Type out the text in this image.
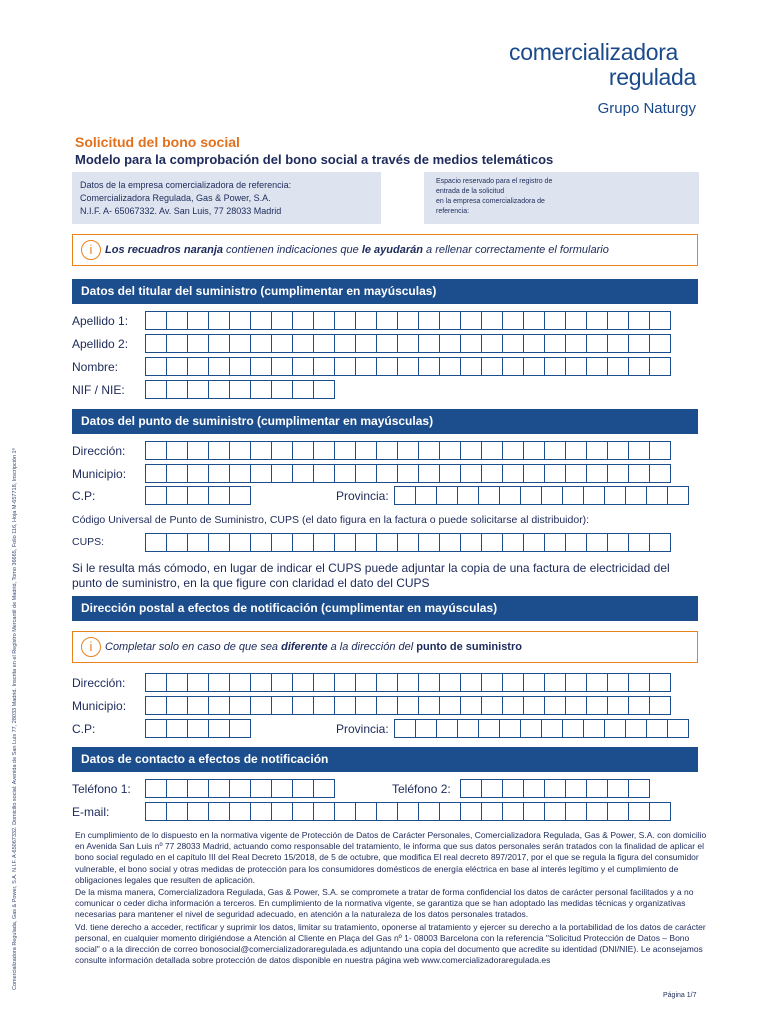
comercializadora
regulada
Grupo Naturgy
Solicitud del bono social
Modelo para la comprobación del bono social a través de medios telemáticos
Datos de la empresa comercializadora de referencia:
Comercializadora Regulada, Gas & Power, S.A.
N.I.F. A- 65067332. Av. San Luis, 77 28033 Madrid
Espacio reservado para el registro de
entrada de la solicitud
en la empresa comercializadora de
referencia:
i	Los recuadros naranja contienen indicaciones que le ayudarán a rellenar correctamente el formulario
Datos del titular del suministro (cumplimentar en mayúsculas)
Apellido 1:
Apellido 2:
Nombre:
NIF / NIE:
Datos del punto de suministro (cumplimentar en mayúsculas)
Dirección:
Municipio:
C.P:	Provincia:
Código Universal de Punto de Suministro, CUPS (el dato figura en la factura o puede solicitarse al distribuidor):
CUPS:
Si le resulta más cómodo, en lugar de indicar el CUPS puede adjuntar la copia de una factura de electricidad del punto de suministro, en la que figure con claridad el dato del CUPS
Dirección postal a efectos de notificación (cumplimentar en mayúsculas)
i	Completar solo en caso de que sea diferente a la dirección del punto de suministro
Dirección:
Municipio:
C.P:	Provincia:
Datos de contacto a efectos de notificación
Teléfono 1:	Teléfono 2:
E-mail:

En cumplimiento de lo dispuesto en la normativa vigente de Protección de Datos de Carácter Personales, Comercializadora Regulada, Gas & Power, S.A. con domicilio en Avenida San Luis nº 77 28033 Madrid, actuando como responsable del tratamiento, le informa que sus datos personales serán tratados con la finalidad de aplicar el bono social regulado en el capítulo III del Real Decreto 15/2018, de 5 de octubre, que modifica El real decreto 897/2017, por el que se regula la figura del consumidor vulnerable, el bono social y otras medidas de protección para los consumidores domésticos de energía eléctrica en base al interés legítimo y el cumplimiento de obligaciones legales que resulten de aplicación.

De la misma manera, Comercializadora Regulada, Gas & Power, S.A. se compromete a tratar de forma confidencial los datos de carácter personal facilitados y a no comunicar o ceder dicha información a terceros. En cumplimiento de la normativa vigente, se garantiza que se han adoptado las medidas técnicas y organizativas necesarias para mantener el nivel de seguridad adecuado, en atención a la naturaleza de los datos personales tratados.

Vd. tiene derecho a acceder, rectificar y suprimir los datos, limitar su tratamiento, oponerse al tratamiento y ejercer su derecho a la portabilidad de los datos de carácter personal, en cualquier momento dirigiéndose a Atención al Cliente en Plaça del Gas nº 1- 08003 Barcelona con la referencia "Solicitud Protección de Datos – Bono social" o a la dirección de correo bonosocial@comercializadoraregulada.es adjuntando una copia del documento que acredite su identidad (DNI/NIE). Le aconsejamos consulte información detallada sobre protección de datos disponible en nuestra página web www.comercializadoraregulada.es

Comercializadora Regulada, Gas & Power, S.A. N.I.F. A-65067332. Domicilio social: Avenida de San Luis 77, 28033 Madrid. Inscrita en el Registro Mercantil de Madrid, Tomo 36665, Folio 116, Hoja M-657718, Inscripción 1ª
Página 1/7
